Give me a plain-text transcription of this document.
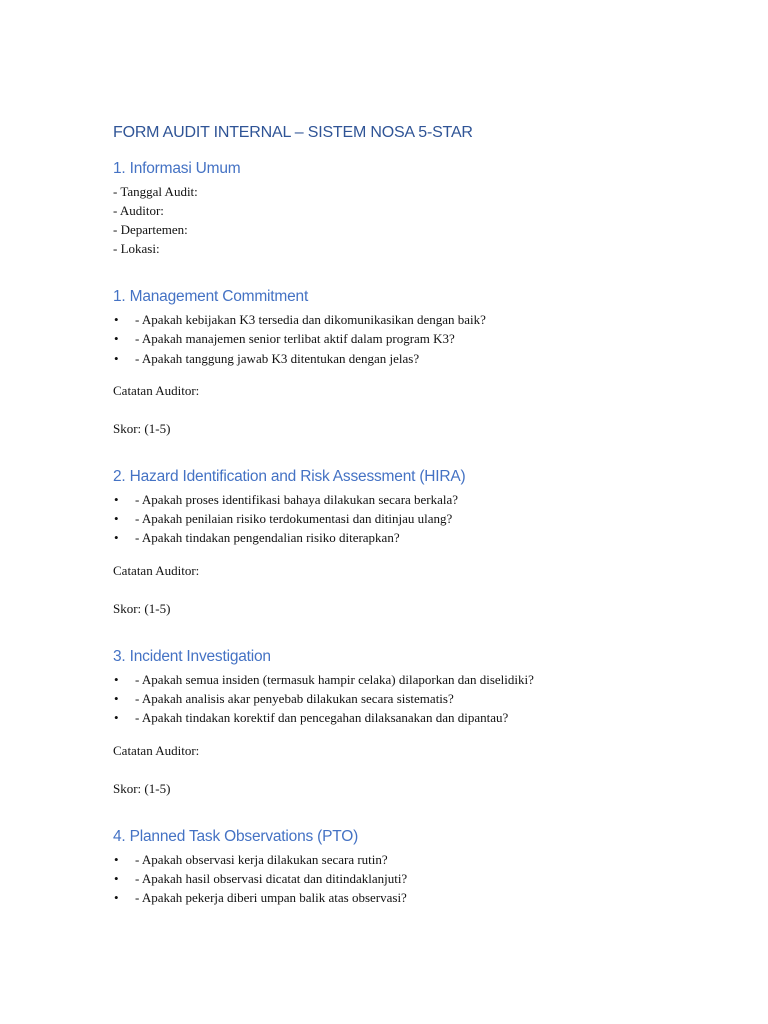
FORM AUDIT INTERNAL – SISTEM NOSA 5-STAR
1. Informasi Umum

- Tanggal Audit:

- Auditor:

- Departemen:

- Lokasi:

1. Management Commitment
• - Apakah kebijakan K3 tersedia dan dikomunikasikan dengan baik?
• - Apakah manajemen senior terlibat aktif dalam program K3?
• - Apakah tanggung jawab K3 ditentukan dengan jelas?

Catatan Auditor:

Skor: (1-5)

2. Hazard Identification and Risk Assessment (HIRA)
• - Apakah proses identifikasi bahaya dilakukan secara berkala?
• - Apakah penilaian risiko terdokumentasi dan ditinjau ulang?
• - Apakah tindakan pengendalian risiko diterapkan?

Catatan Auditor:

Skor: (1-5)

3. Incident Investigation
• - Apakah semua insiden (termasuk hampir celaka) dilaporkan dan diselidiki?
• - Apakah analisis akar penyebab dilakukan secara sistematis?
• - Apakah tindakan korektif dan pencegahan dilaksanakan dan dipantau?

Catatan Auditor:

Skor: (1-5)

4. Planned Task Observations (PTO)
• - Apakah observasi kerja dilakukan secara rutin?
• - Apakah hasil observasi dicatat dan ditindaklanjuti?
• - Apakah pekerja diberi umpan balik atas observasi?
